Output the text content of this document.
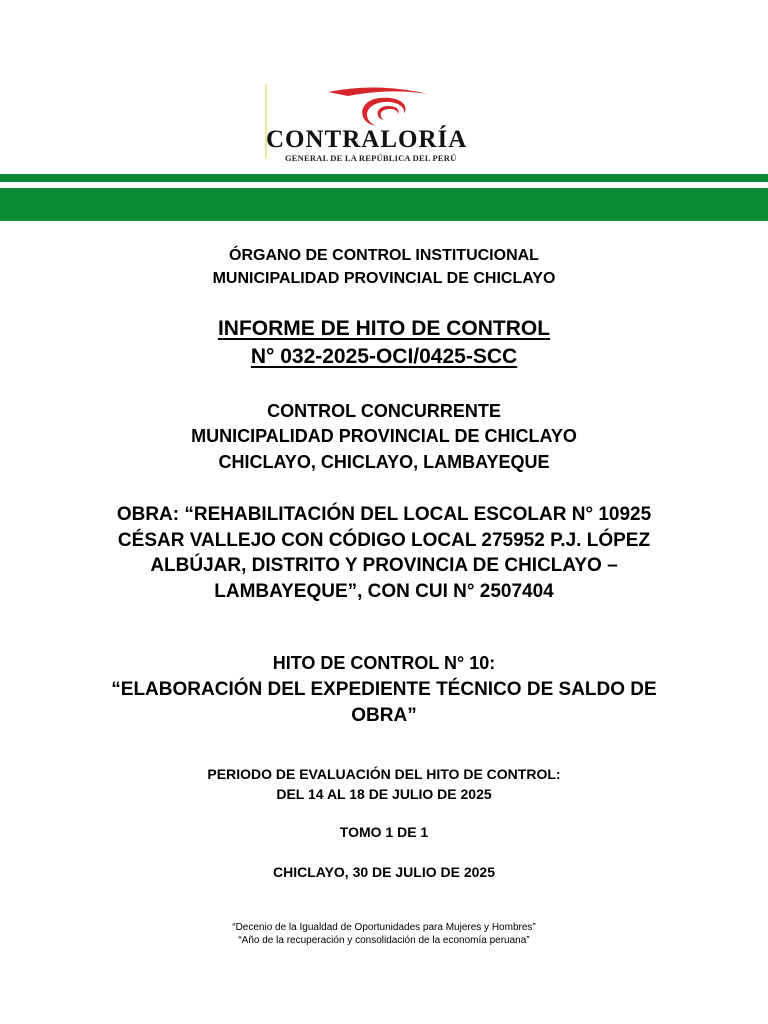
CONTRALORÍA
GENERAL DE LA REPÚBLICA DEL PERÚ
ÓRGANO DE CONTROL INSTITUCIONAL
MUNICIPALIDAD PROVINCIAL DE CHICLAYO
INFORME DE HITO DE CONTROL
N° 032-2025-OCI/0425-SCC
CONTROL CONCURRENTE
MUNICIPALIDAD PROVINCIAL DE CHICLAYO
CHICLAYO, CHICLAYO, LAMBAYEQUE
OBRA: “REHABILITACIÓN DEL LOCAL ESCOLAR N° 10925
CÉSAR VALLEJO CON CÓDIGO LOCAL 275952 P.J. LÓPEZ
ALBÚJAR, DISTRITO Y PROVINCIA DE CHICLAYO –
LAMBAYEQUE”, CON CUI N° 2507404
HITO DE CONTROL N° 10:
“ELABORACIÓN DEL EXPEDIENTE TÉCNICO DE SALDO DE
OBRA”
PERIODO DE EVALUACIÓN DEL HITO DE CONTROL:
DEL 14 AL 18 DE JULIO DE 2025
TOMO 1 DE 1
CHICLAYO, 30 DE JULIO DE 2025
“Decenio de la Igualdad de Oportunidades para Mujeres y Hombres”
“Año de la recuperación y consolidación de la economía peruana”
